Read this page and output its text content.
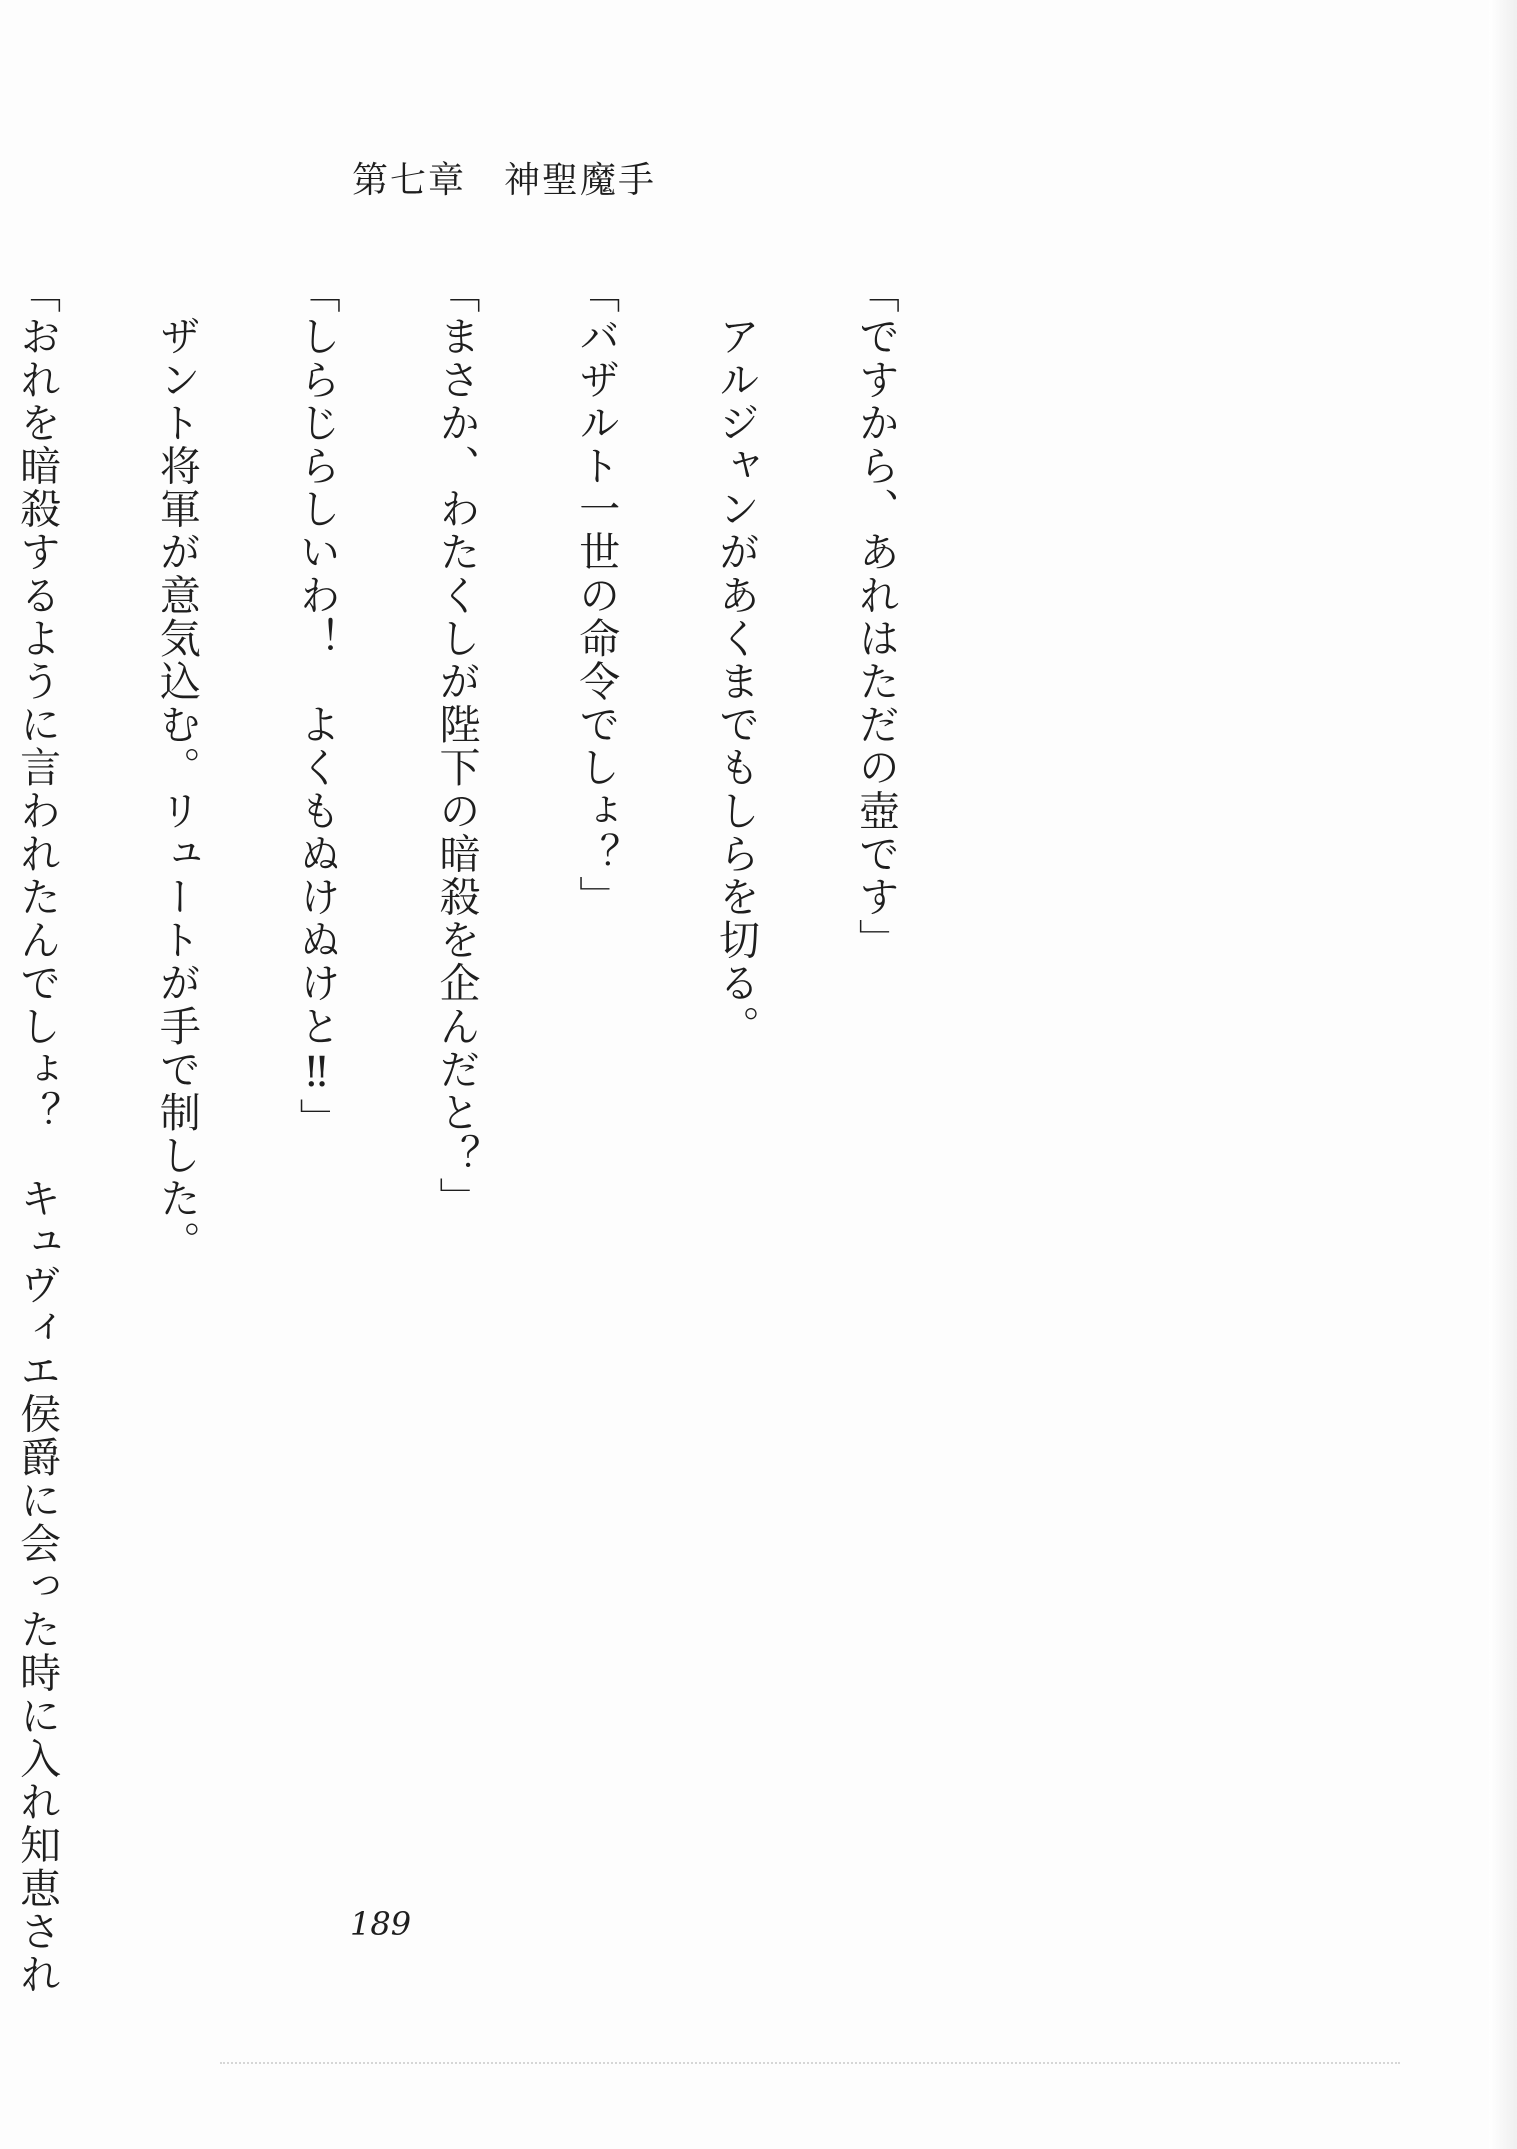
第七章　神聖魔手

「ですから、あれはただの壺です」

　アルジャンがあくまでもしらを切る。

「バザルト一世の命令でしょ？」

「まさか、わたくしが陛下の暗殺を企んだと？」

「しらじらしいわ！　よくもぬけぬけと‼」

　ザント将軍が意気込む。リュートが手で制した。

「おれを暗殺するように言われたんでしょ？　キュヴィエ侯爵に会った時に入れ知恵され

	189
